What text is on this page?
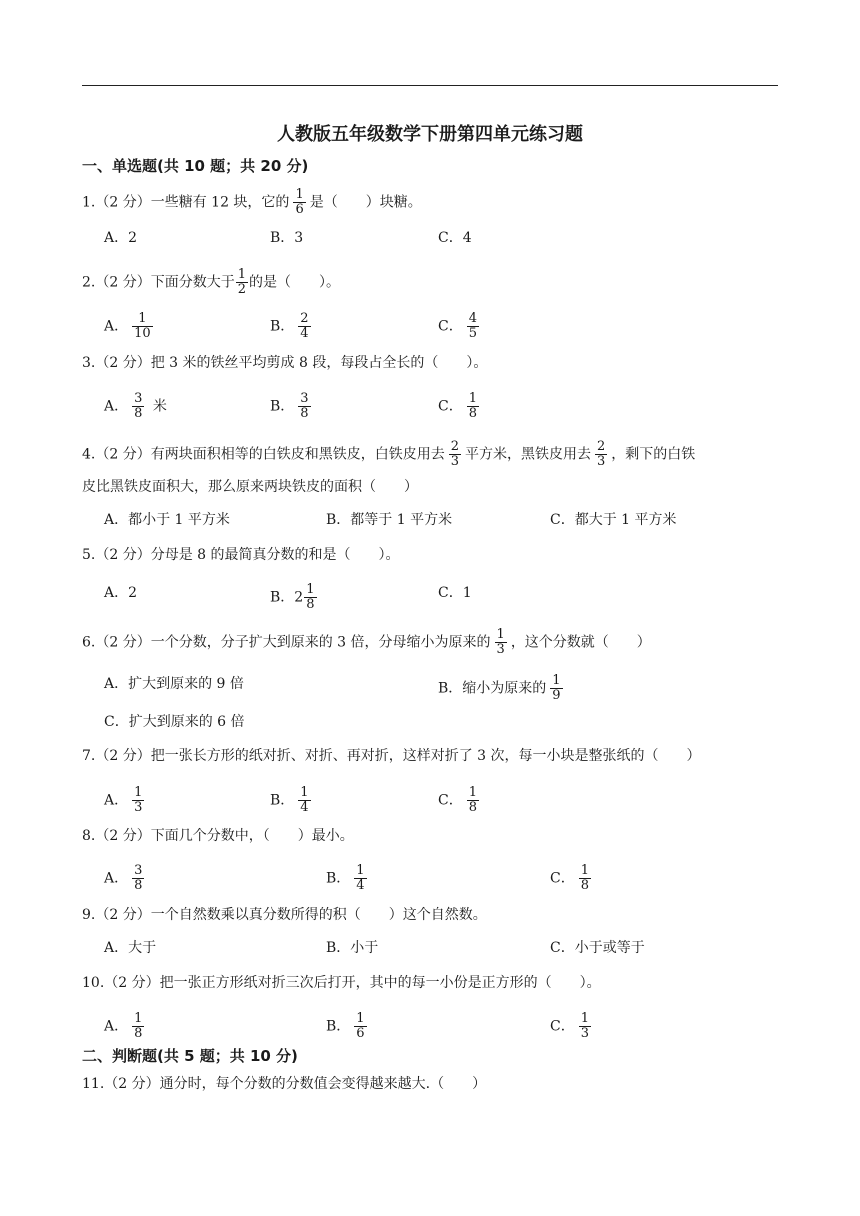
人教版五年级数学下册第四单元练习题
一、单选题(共 10 题；共 20 分)
1.（2 分）一些糖有 12 块，它的 $\frac{1}{6}$ 是（　　）块糖。
A．2	B．3	C．4
2.（2 分）下面分数大于 $\frac{1}{2}$ 的是（　　）。
A． $\frac{1}{10}$	B． $\frac{2}{4}$	C． $\frac{4}{5}$
3.（2 分）把 3 米的铁丝平均剪成 8 段，每段占全长的（　　）。
A． $\frac{3}{8}$ 米	B． $\frac{3}{8}$	C． $\frac{1}{8}$
4.（2 分）有两块面积相等的白铁皮和黑铁皮，白铁皮用去 $\frac{2}{3}$ 平方米，黑铁皮用去 $\frac{2}{3}$ ，剩下的白铁
皮比黑铁皮面积大，那么原来两块铁皮的面积（　　）
A．都小于 1 平方米	B．都等于 1 平方米	C．都大于 1 平方米
5.（2 分）分母是 8 的最简真分数的和是（　　）。
A．2	B．$2 \frac{1}{8}$	C．1
6.（2 分）一个分数，分子扩大到原来的 3 倍，分母缩小为原来的 $\frac{1}{3}$ ，这个分数就（　　）
A．扩大到原来的 9 倍	B．缩小为原来的 $\frac{1}{9}$
C．扩大到原来的 6 倍
7.（2 分）把一张长方形的纸对折、对折、再对折，这样对折了 3 次，每一小块是整张纸的（　　）
A． $\frac{1}{3}$	B． $\frac{1}{4}$	C． $\frac{1}{8}$
8.（2 分）下面几个分数中，（　　）最小。
A． $\frac{3}{8}$	B． $\frac{1}{4}$	C． $\frac{1}{8}$
9.（2 分）一个自然数乘以真分数所得的积（　　）这个自然数。
A．大于	B．小于	C．小于或等于
10.（2 分）把一张正方形纸对折三次后打开，其中的每一小份是正方形的（　　）。
A． $\frac{1}{8}$	B． $\frac{1}{6}$	C． $\frac{1}{3}$
二、判断题(共 5 题；共 10 分)
11.（2 分）通分时，每个分数的分数值会变得越来越大.（　　）
